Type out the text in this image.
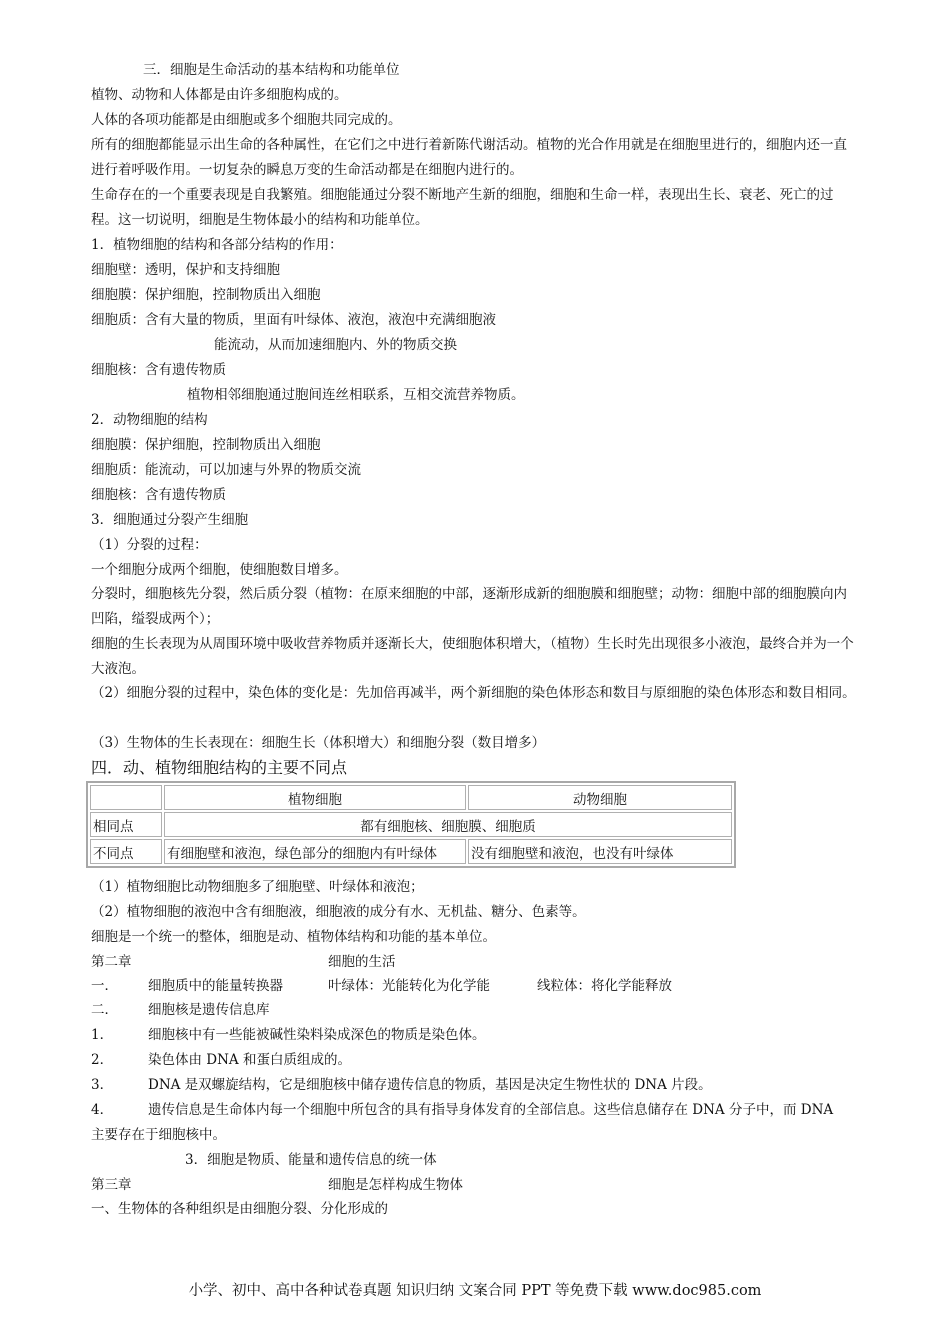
三．细胞是生命活动的基本结构和功能单位
植物、动物和人体都是由许多细胞构成的。
人体的各项功能都是由细胞或多个细胞共同完成的。
所有的细胞都能显示出生命的各种属性，在它们之中进行着新陈代谢活动。植物的光合作用就是在细胞里进行的，细胞内还一直进行着呼吸作用。一切复杂的瞬息万变的生命活动都是在细胞内进行的。
生命存在的一个重要表现是自我繁殖。细胞能通过分裂不断地产生新的细胞，细胞和生命一样，表现出生长、衰老、死亡的过程。这一切说明，细胞是生物体最小的结构和功能单位。
1．植物细胞的结构和各部分结构的作用：
细胞壁：透明，保护和支持细胞
细胞膜：保护细胞，控制物质出入细胞
细胞质：含有大量的物质，里面有叶绿体、液泡，液泡中充满细胞液
能流动，从而加速细胞内、外的物质交换
细胞核：含有遗传物质
植物相邻细胞通过胞间连丝相联系，互相交流营养物质。
2．动物细胞的结构
细胞膜：保护细胞，控制物质出入细胞
细胞质：能流动，可以加速与外界的物质交流
细胞核：含有遗传物质
3．细胞通过分裂产生细胞
（1）分裂的过程：
一个细胞分成两个细胞，使细胞数目增多。
分裂时，细胞核先分裂，然后质分裂（植物：在原来细胞的中部，逐渐形成新的细胞膜和细胞壁；动物：细胞中部的细胞膜向内凹陷，缢裂成两个）；
细胞的生长表现为从周围环境中吸收营养物质并逐渐长大，使细胞体积增大，（植物）生长时先出现很多小液泡，最终合并为一个大液泡。
（2）细胞分裂的过程中，染色体的变化是：先加倍再减半，两个新细胞的染色体形态和数目与原细胞的染色体形态和数目相同。
（3）生物体的生长表现在：细胞生长（体积增大）和细胞分裂（数目增多）
四．动、植物细胞结构的主要不同点
	植物细胞	动物细胞
相同点	都有细胞核、细胞膜、细胞质	
不同点	有细胞壁和液泡，绿色部分的细胞内有叶绿体	没有细胞壁和液泡，也没有叶绿体
（1）植物细胞比动物细胞多了细胞壁、叶绿体和液泡；
（2）植物细胞的液泡中含有细胞液，细胞液的成分有水、无机盐、糖分、色素等。
细胞是一个统一的整体，细胞是动、植物体结构和功能的基本单位。
第二章	细胞的生活
一． 细胞质中的能量转换器	叶绿体：光能转化为化学能	线粒体：将化学能释放
二． 细胞核是遗传信息库
1．	细胞核中有一些能被碱性染料染成深色的物质是染色体。
2．	染色体由 DNA 和蛋白质组成的。
3．	DNA 是双螺旋结构，它是细胞核中储存遗传信息的物质，基因是决定生物性状的 DNA 片段。
4．	遗传信息是生命体内每一个细胞中所包含的具有指导身体发育的全部信息。这些信息储存在 DNA 分子中，而 DNA
主要存在于细胞核中。
3．细胞是物质、能量和遗传信息的统一体
第三章	细胞是怎样构成生物体
一、生物体的各种组织是由细胞分裂、分化形成的
小学、初中、高中各种试卷真题 知识归纳 文案合同 PPT 等免费下载 www.doc985.com
